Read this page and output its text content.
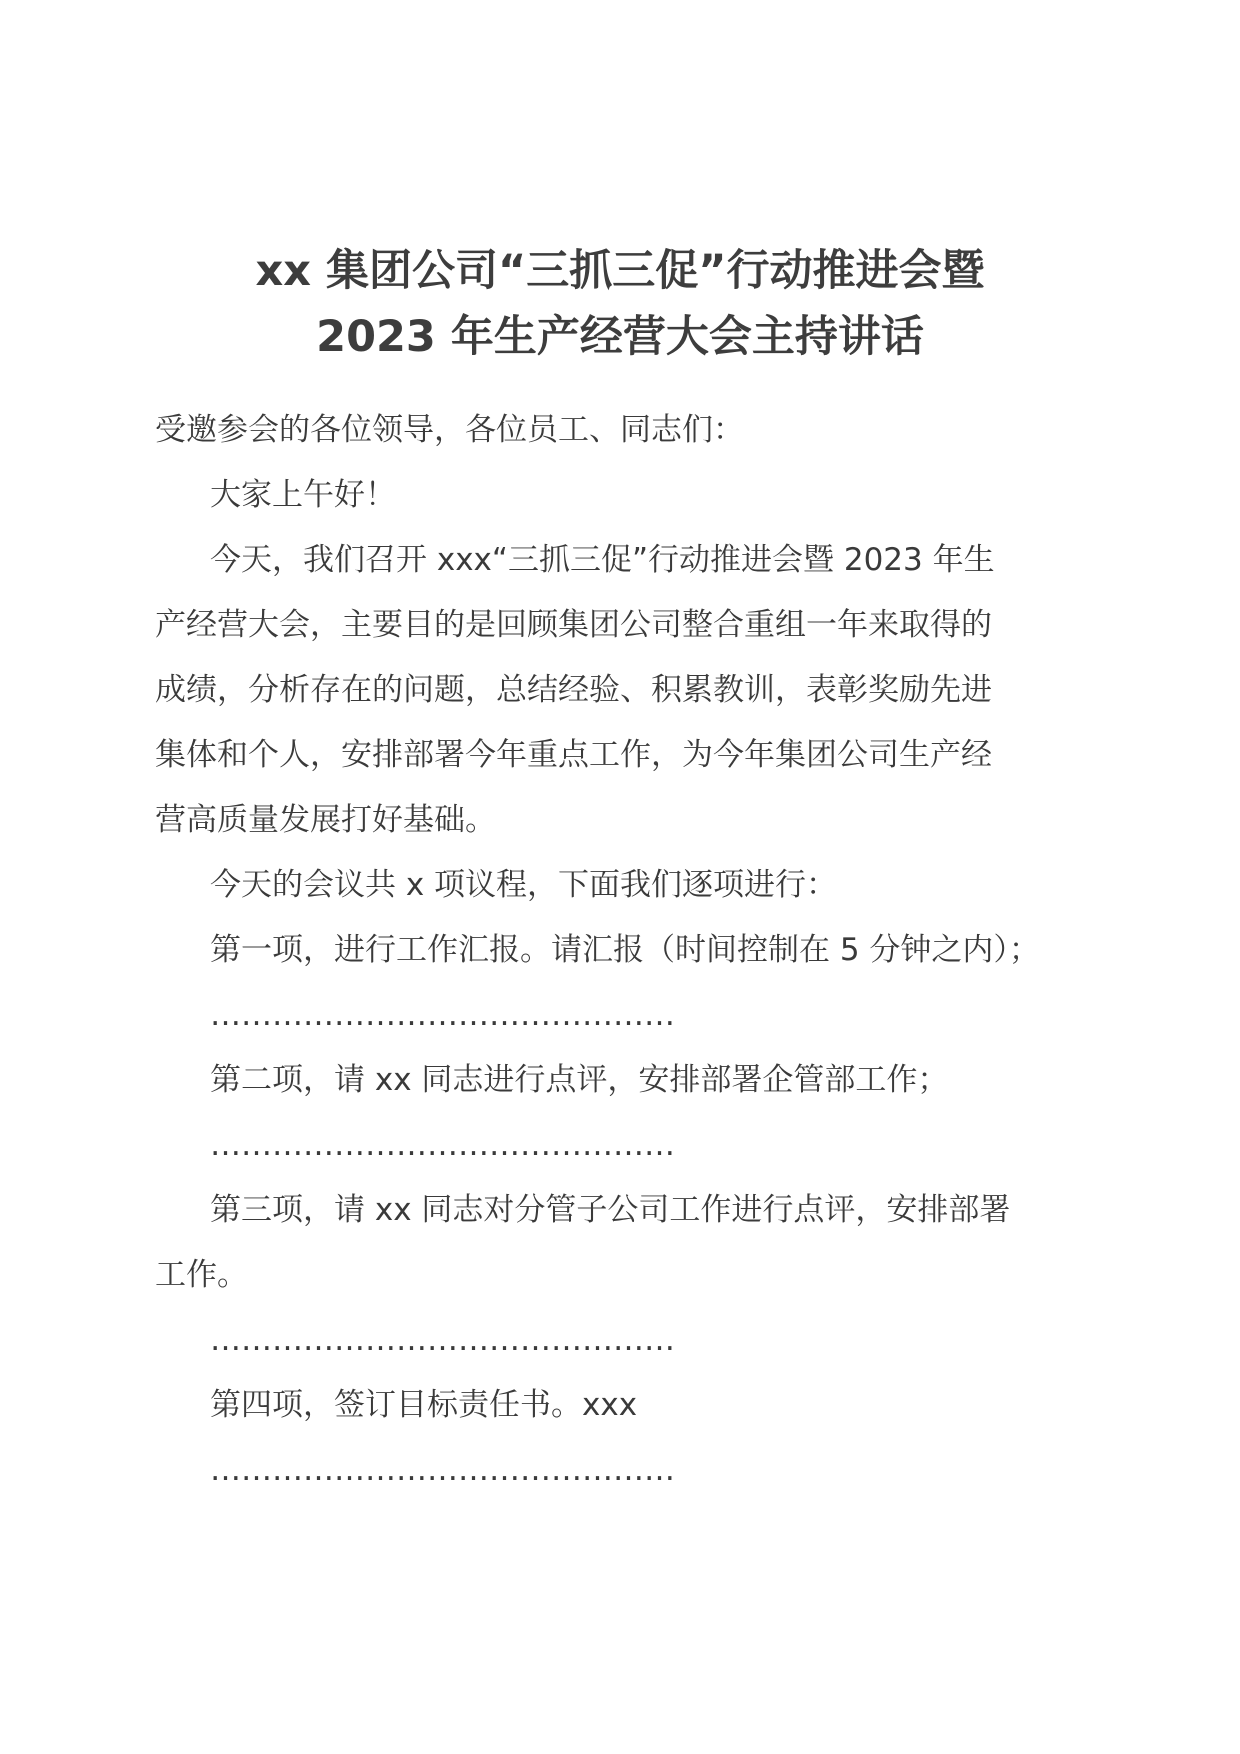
xx 集团公司“三抓三促”行动推进会暨
2023 年生产经营大会主持讲话

受邀参会的各位领导，各位员工、同志们：

大家上午好！

今天，我们召开 xxx“三抓三促”行动推进会暨 2023 年生

产经营大会，主要目的是回顾集团公司整合重组一年来取得的

成绩，分析存在的问题，总结经验、积累教训，表彰奖励先进

集体和个人，安排部署今年重点工作，为今年集团公司生产经

营高质量发展打好基础。

今天的会议共 x 项议程，下面我们逐项进行：

第一项，进行工作汇报。请汇报（时间控制在 5 分钟之内）；

………………………………………

第二项，请 xx 同志进行点评，安排部署企管部工作；

………………………………………

第三项，请 xx 同志对分管子公司工作进行点评，安排部署

工作。

………………………………………

第四项，签订目标责任书。xxx

………………………………………
